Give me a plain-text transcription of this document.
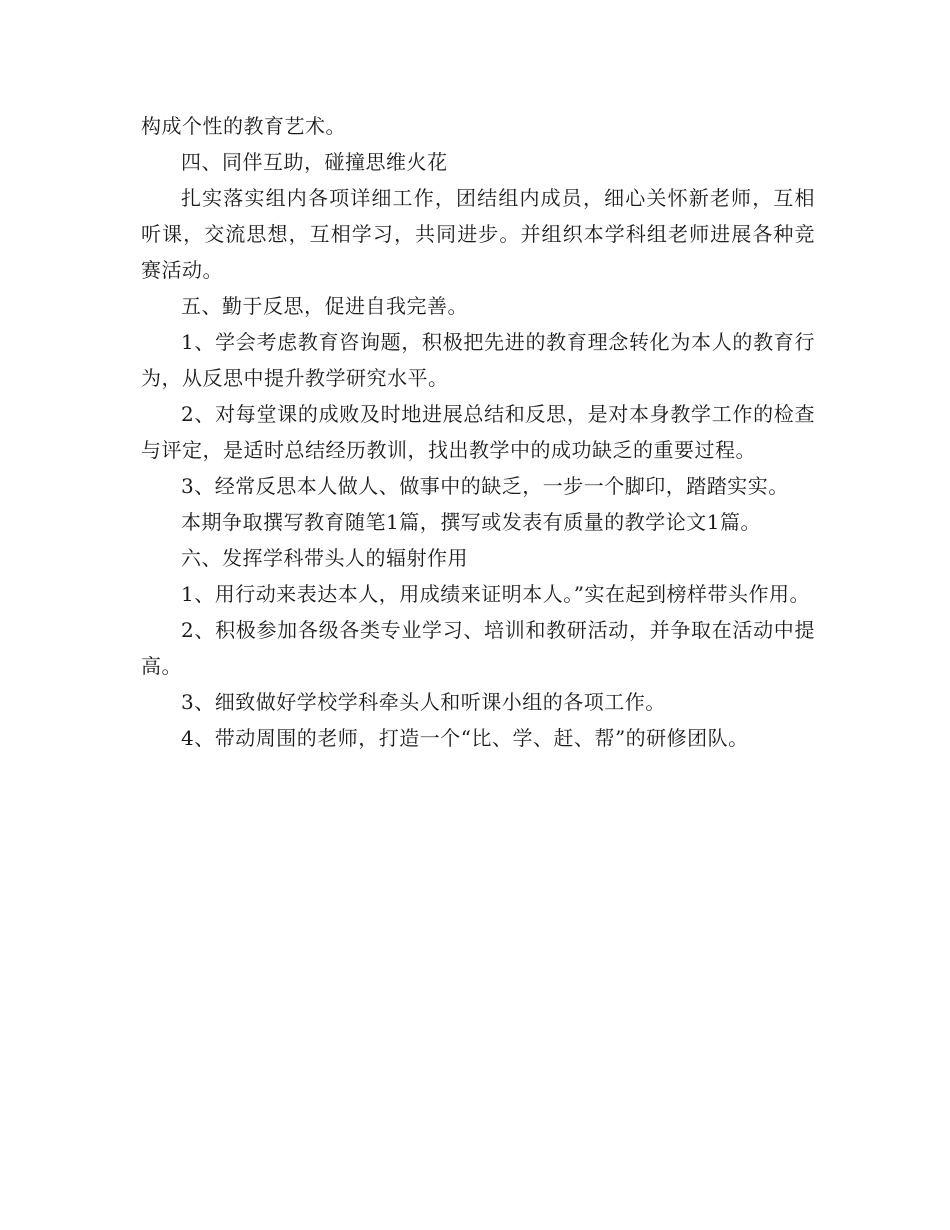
构成个性的教育艺术。

四、同伴互助，碰撞思维火花

扎实落实组内各项详细工作，团结组内成员，细心关怀新老师，互相听课，交流思想，互相学习，共同进步。并组织本学科组老师进展各种竞赛活动。

五、勤于反思，促进自我完善。

1、学会考虑教育咨询题，积极把先进的教育理念转化为本人的教育行为，从反思中提升教学研究水平。

2、对每堂课的成败及时地进展总结和反思，是对本身教学工作的检查与评定，是适时总结经历教训，找出教学中的成功缺乏的重要过程。

3、经常反思本人做人、做事中的缺乏，一步一个脚印，踏踏实实。

本期争取撰写教育随笔1篇，撰写或发表有质量的教学论文1篇。

六、发挥学科带头人的辐射作用

1、用行动来表达本人，用成绩来证明本人。”实在起到榜样带头作用。

2、积极参加各级各类专业学习、培训和教研活动，并争取在活动中提高。

3、细致做好学校学科牵头人和听课小组的各项工作。

4、带动周围的老师，打造一个“比、学、赶、帮”的研修团队。
